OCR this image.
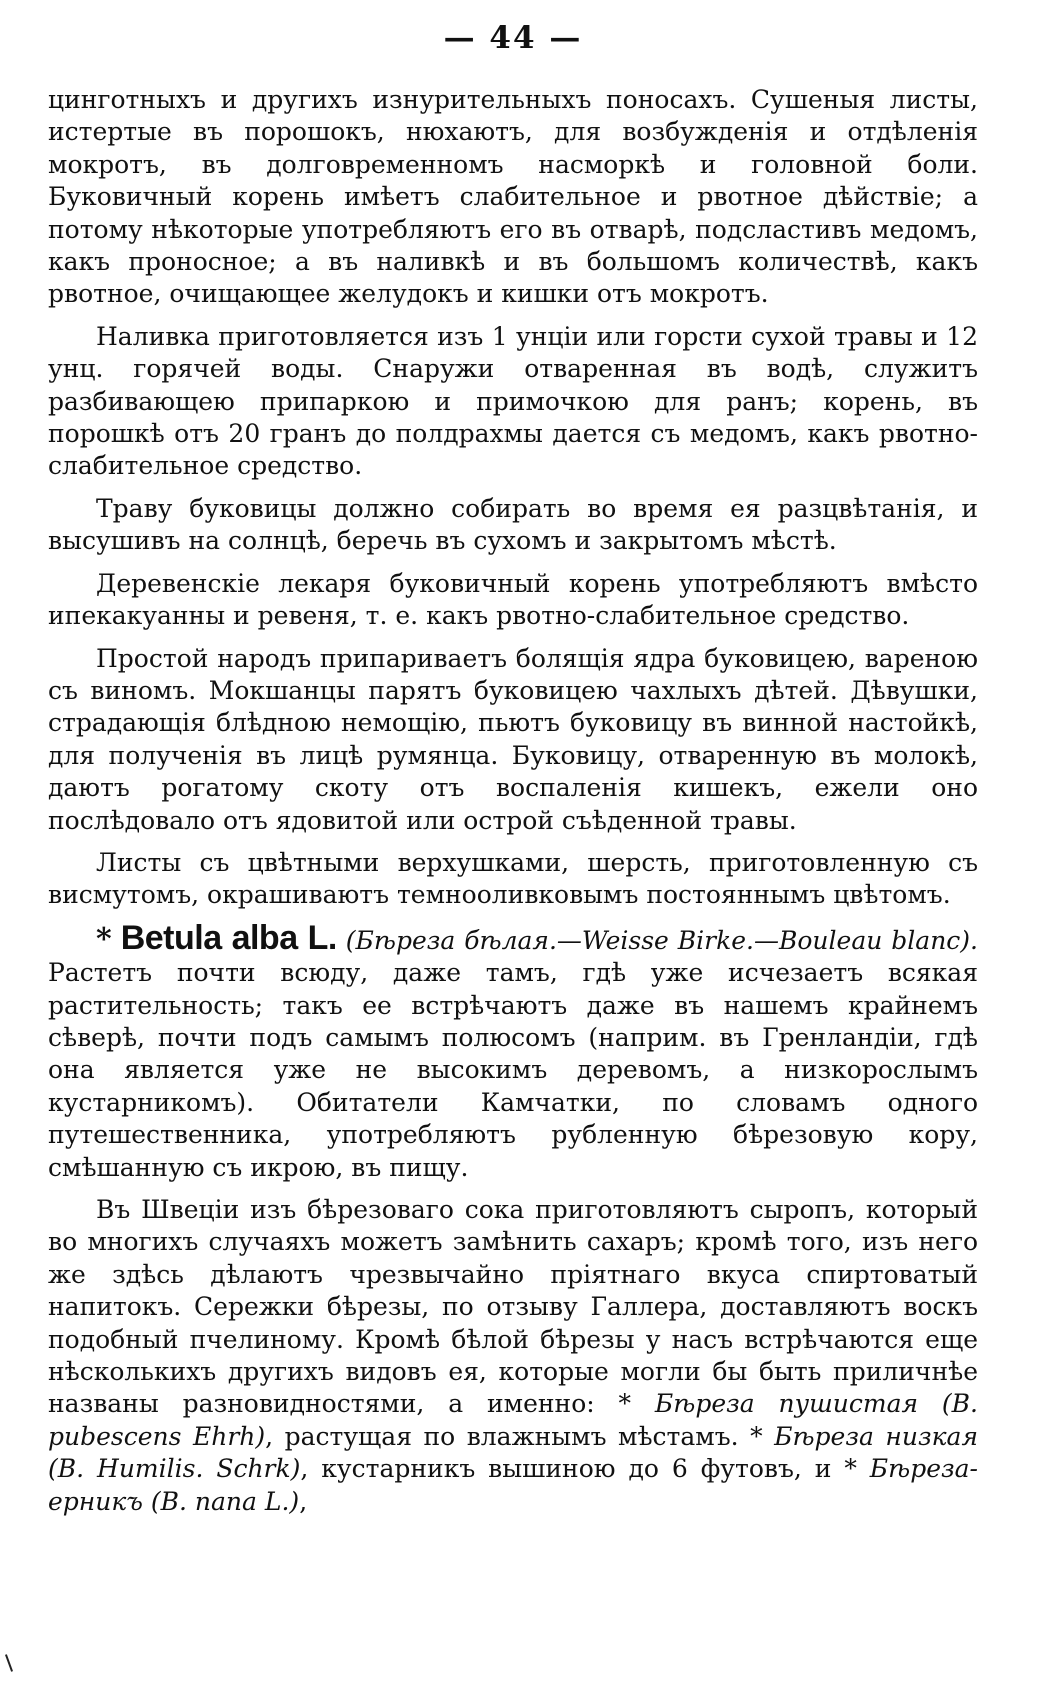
— 44 —

цинготныхъ и другихъ изнурительныхъ поносахъ. Сушеныя листы, истертые въ порошокъ, нюхаютъ, для возбужденія и отдѣленія мокротъ, въ долговременномъ насморкѣ и головной боли. Буковичный корень имѣетъ слабительное и рвотное дѣйствіе; а потому нѣкоторые употребляютъ его въ отварѣ, подсластивъ медомъ, какъ проносное; а въ наливкѣ и въ большомъ количествѣ, какъ рвотное, очищающее желудокъ и кишки отъ мокротъ.

Наливка приготовляется изъ 1 унціи или горсти сухой травы и 12 унц. горячей воды. Снаружи отваренная въ водѣ, служитъ разбивающею припаркою и примочкою для ранъ; корень, въ порошкѣ отъ 20 гранъ до полдрахмы дается съ медомъ, какъ рвотно-слабительное средство.

Траву буковицы должно собирать во время ея разцвѣтанія, и высушивъ на солнцѣ, беречь въ сухомъ и закрытомъ мѣстѣ.

Деревенскіе лекаря буковичный корень употребляютъ вмѣсто ипекакуанны и ревеня, т. е. какъ рвотно-слабительное средство.

Простой народъ припариваетъ болящія ядра буковицею, вареною съ виномъ. Мокшанцы парятъ буковицею чахлыхъ дѣтей. Дѣвушки, страдающія блѣдною немощію, пьютъ буковицу въ винной настойкѣ, для полученія въ лицѣ румянца. Буковицу, отваренную въ молокѣ, даютъ рогатому скоту отъ воспаленія кишекъ, ежели оно послѣдовало отъ ядовитой или острой съѣденной травы.

Листы съ цвѣтными верхушками, шерсть, приготовленную съ висмутомъ, окрашиваютъ темнооливковымъ постояннымъ цвѣтомъ.

* Betula alba L. (Бѣреза бѣлая.—Weisse Birke.—Bouleau blanc). Растетъ почти всюду, даже тамъ, гдѣ уже исчезаетъ всякая растительность; такъ ее встрѣчаютъ даже въ нашемъ крайнемъ сѣверѣ, почти подъ самымъ полюсомъ (наприм. въ Гренландіи, гдѣ она является уже не высокимъ деревомъ, а низкорослымъ кустарникомъ). Обитатели Камчатки, по словамъ одного путешественника, употребляютъ рубленную бѣрезовую кору, смѣшанную съ икрою, въ пищу.

Въ Швеціи изъ бѣрезоваго сока приготовляютъ сыропъ, который во многихъ случаяхъ можетъ замѣнить сахаръ; кромѣ того, изъ него же здѣсь дѣлаютъ чрезвычайно пріятнаго вкуса спиртоватый напитокъ. Сережки бѣрезы, по отзыву Галлера, доставляютъ воскъ подобный пчелиному. Кромѣ бѣлой бѣрезы у насъ встрѣчаются еще нѣсколькихъ другихъ видовъ ея, которые могли бы быть приличнѣе названы разновидностями, а именно: * Бѣреза пушистая (B. pubescens Ehrh), растущая по влажнымъ мѣстамъ. * Бѣреза низкая (B. Humilis. Schrk), кустарникъ вышиною до 6 футовъ, и * Бѣреза-ерникъ (B. nana L.),
